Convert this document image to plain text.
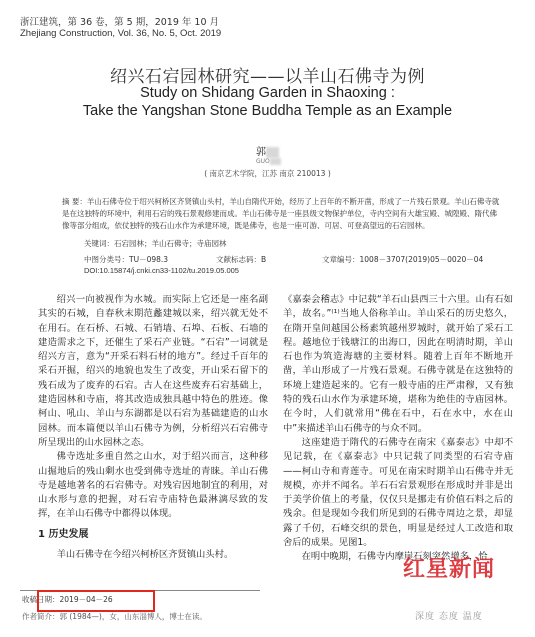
浙江建筑，第 36 卷，第 5 期，2019 年 10 月
Zhejiang Construction, Vol. 36, No. 5, Oct. 2019
绍兴石宕园林研究——以羊山石佛寺为例
Study on Shidang Garden in Shaoxing :
Take the Yangshan Stone Buddha Temple as an Example
郭
GUO
( 南京艺术学院，江苏 南京 210013 )
摘 要：羊山石佛寺位于绍兴柯桥区齐贤镇山头村，羊山自隋代开始，经历了上百年的不断开凿，形成了一片残石景观。羊山石佛寺就是在这独特的环境中，利用石宕的残石景观修建而成。羊山石佛寺是一座县级文物保护单位，寺内空间有大雄宝殿、城隍殿、隋代佛像等部分组成，依仗独特的残石山水作为承建环境，既是佛寺，也是一座可游、可居、可登高望远的石宕园林。
关键词：石宕园林；羊山石佛寺；寺庙园林
中图分类号：TU－098.3	文献标志码：B	文章编号：1008－3707(2019)05－0020－04
DOI:10.15874/j.cnki.cn33-1102/tu.2019.05.005

绍兴一向被视作为水城。而实际上它还是一座名副其实的石城，自春秋末期范蠡建城以来，绍兴就无处不在用石。在石桥、石城、石销墙、石埠、石板、石墙的建造需求之下，还催生了采石产业链。“石宕”一词就是绍兴方言，意为“开采石料石材的地方”。经过千百年的采石开掘，绍兴的地貌也发生了改变，开山采石留下的残石成为了废弃的石宕。古人在这些废弃石宕基础上，建造园林和寺庙，将其改造成独具越中特色的胜迹。像柯山、吼山、羊山与东湖都是以石宕为基础建造的山水园林。而本篇便以羊山石佛寺为例，分析绍兴石宕佛寺所呈现出的山水园林之态。

佛寺选址多重自然之山水，对于绍兴而言，这种移山掘地后的残山剩水也受到佛寺选址的青睐。羊山石佛寺是越地著名的石宕佛寺。对残宕因地制宜的利用，对山水形与意的把握，对石宕寺庙特色最淋漓尽致的发挥，在羊山石佛寺中都得以体现。

1 历史发展

羊山石佛寺在今绍兴柯桥区齐贤镇山头村。

《嘉泰会稽志》中记载“羊石山县西三十六里。山有石如羊，故名。”⁽¹⁾当地人俗称羊山。羊山采石的历史悠久，在隋开皇间越国公杨素筑越州罗城时，就开始了采石工程。越地位于钱塘江的出海口，因此在明清时期，羊山石也作为筑造海塘的主要材料。随着上百年不断地开凿，羊山形成了一片残石景观。石佛寺就是在这独特的环境上建造起来的。它有一般寺庙的庄严肃穆，又有独特的残石山水作为承建环境，堪称为绝佳的寺庙园林。在今时，人们就常用“佛在石中，石在水中，水在山中”来描述羊山石佛寺的与众不同。

这座建造于隋代的石佛寺在南宋《嘉泰志》中却不见记载，在《嘉泰志》中只记载了同类型的石宕寺庙——柯山寺和青莲寺。可见在南宋时期羊山石佛寺并无规模，亦并不闻名。羊石石宕景观形在形成时并非是出于美学价值上的考量，仅仅只是挪走有价值石料之后的残余。但是现如今我们所见到的石佛寺周边之景，却显露了千仞，石峰交织的景色，明显是经过人工改造和取舍后的成果。见图1。

在明中晚期，石佛寺内摩崖石刻突然增多，恰

收稿日期：2019－04－26
作者简介：郭 (1984—)，女，山东淄博人，博士在读。
红星新闻
深度 态度 温度
